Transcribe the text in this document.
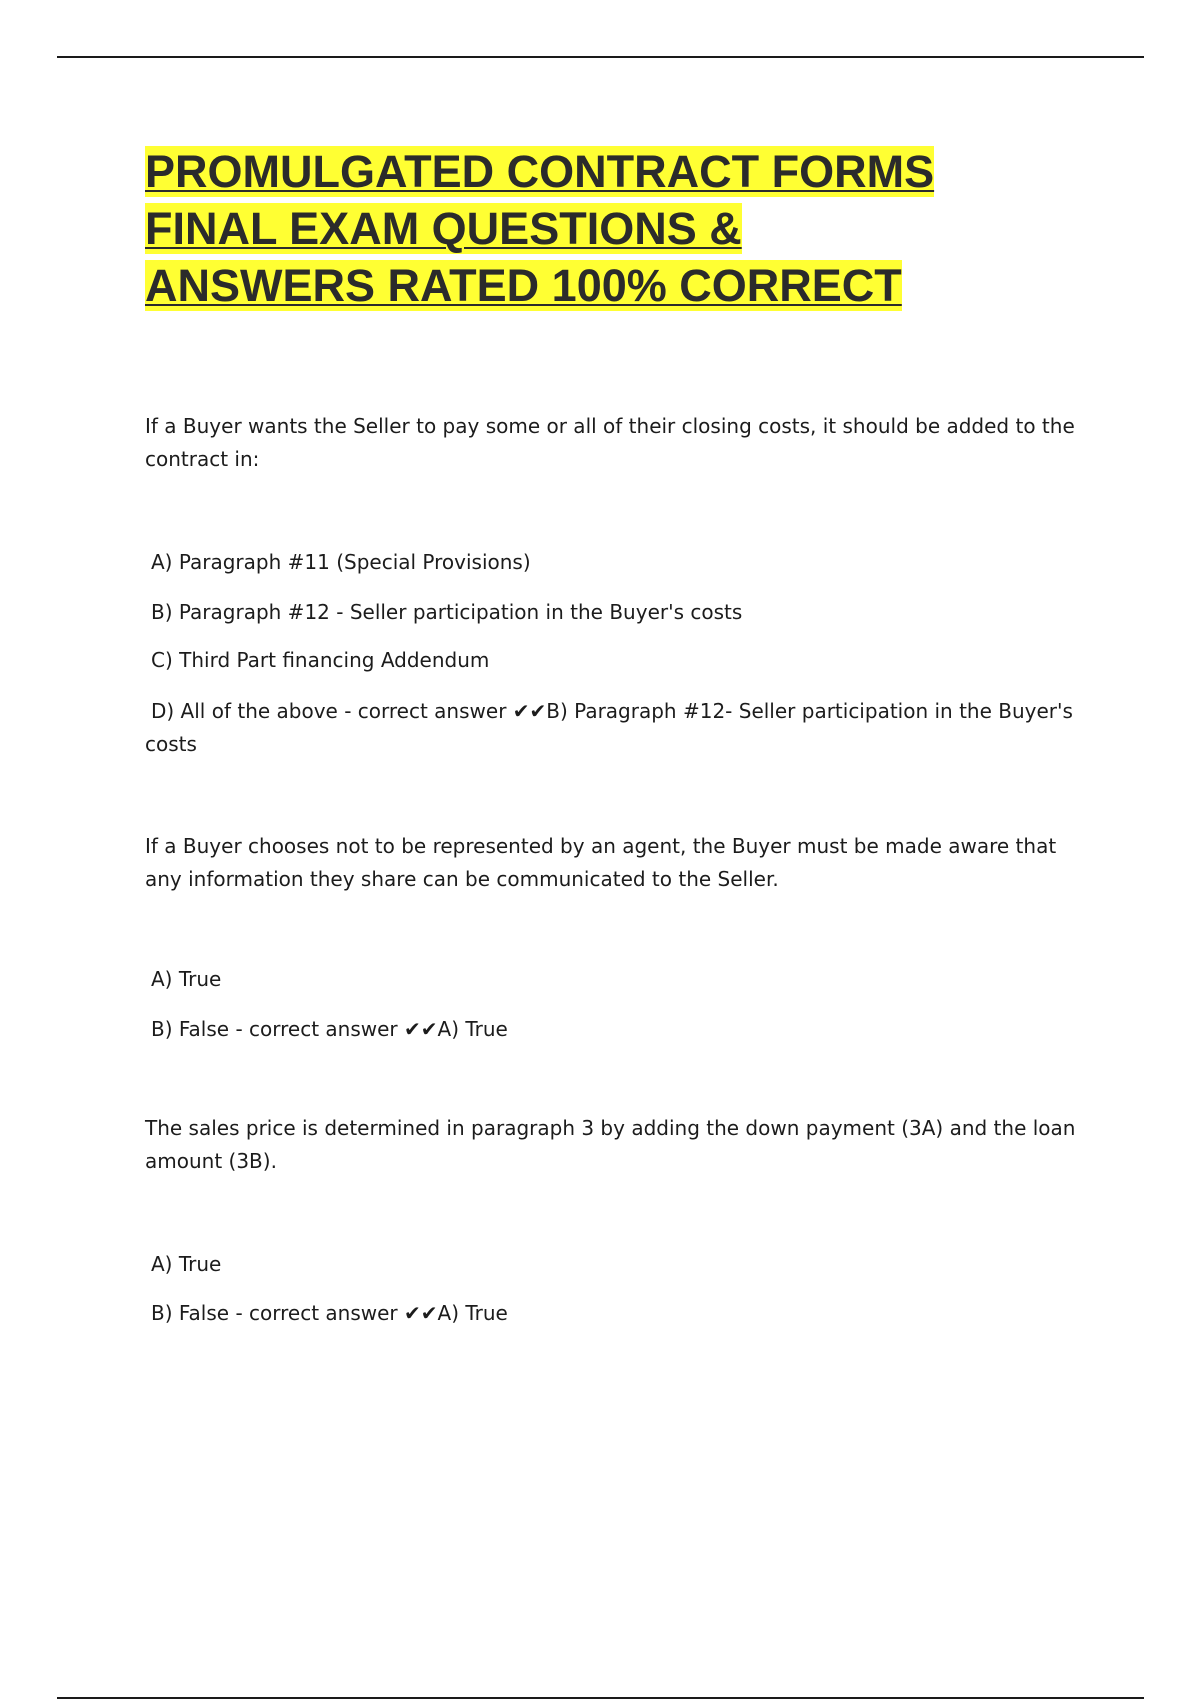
PROMULGATED CONTRACT FORMS
FINAL EXAM QUESTIONS &
ANSWERS RATED 100% CORRECT

If a Buyer wants the Seller to pay some or all of their closing costs, it should be added to the contract in:

A) Paragraph #11 (Special Provisions)

B) Paragraph #12 - Seller participation in the Buyer's costs

C) Third Part financing Addendum

D) All of the above - correct answer ✔✔B) Paragraph #12- Seller participation in the Buyer's costs

If a Buyer chooses not to be represented by an agent, the Buyer must be made aware that any information they share can be communicated to the Seller.

A) True

B) False - correct answer ✔✔A) True

The sales price is determined in paragraph 3 by adding the down payment (3A) and the loan amount (3B).

A) True

B) False - correct answer ✔✔A) True
